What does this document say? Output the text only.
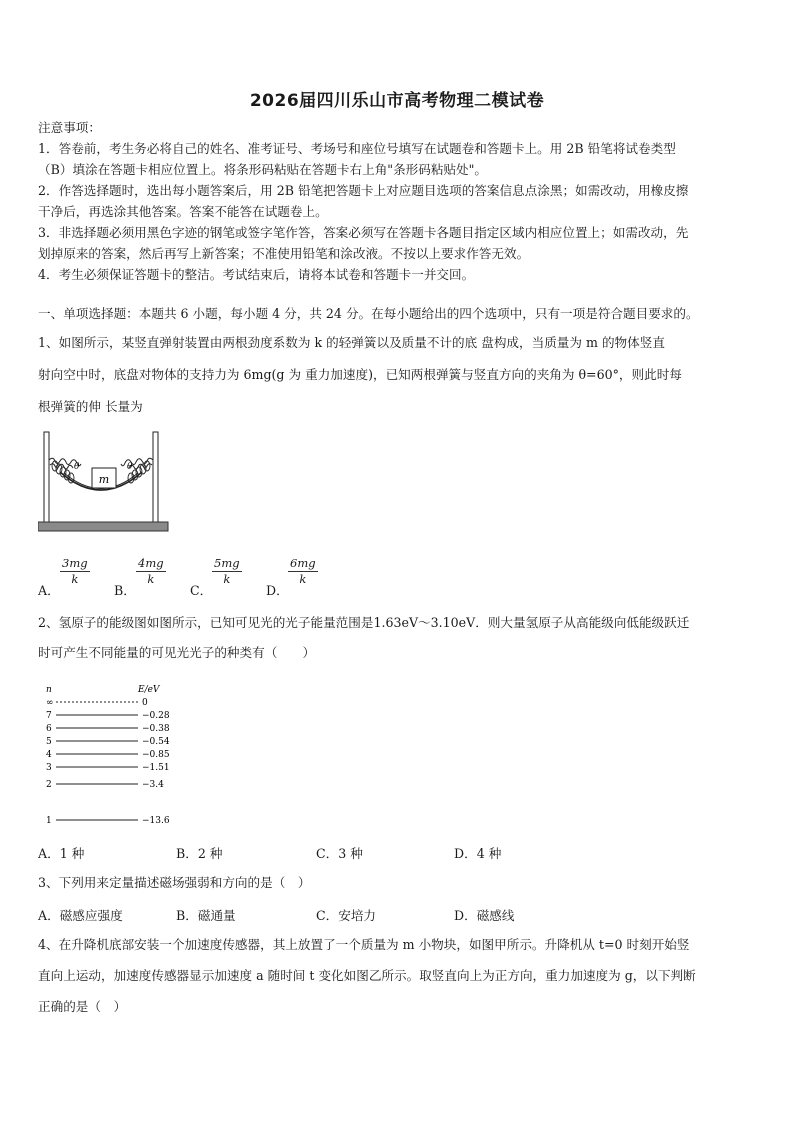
2026届四川乐山市高考物理二模试卷
注意事项：
1．答卷前，考生务必将自己的姓名、准考证号、考场号和座位号填写在试题卷和答题卡上。用 2B 铅笔将试卷类型
（B）填涂在答题卡相应位置上。将条形码粘贴在答题卡右上角"条形码粘贴处"。
2．作答选择题时，选出每小题答案后，用 2B 铅笔把答题卡上对应题目选项的答案信息点涂黑；如需改动，用橡皮擦
干净后，再选涂其他答案。答案不能答在试题卷上。
3．非选择题必须用黑色字迹的钢笔或签字笔作答，答案必须写在答题卡各题目指定区域内相应位置上；如需改动，先
划掉原来的答案，然后再写上新答案；不准使用铅笔和涂改液。不按以上要求作答无效。
4．考生必须保证答题卡的整洁。考试结束后，请将本试卷和答题卡一并交回。
一、单项选择题：本题共 6 小题，每小题 4 分，共 24 分。在每小题给出的四个选项中，只有一项是符合题目要求的。
1、如图所示，某竖直弹射装置由两根劲度系数为 k 的轻弹簧以及质量不计的底 盘构成，当质量为 m 的物体竖直
射向空中时，底盘对物体的支持力为 6mg(g 为 重力加速度)，已知两根弹簧与竖直方向的夹角为 θ=60°，则此时每
根弹簧的伸 长量为
m
θ	θ
A．
$\frac{3mg}{k}$
B．
$\frac{4mg}{k}$
C．
$\frac{5mg}{k}$
D．
$\frac{6mg}{k}$
2、氢原子的能级图如图所示，已知可见光的光子能量范围是1.63eV～3.10eV．则大量氢原子从高能级向低能级跃迁
时可产生不同能量的可见光光子的种类有（　　）
n	E/eV
∞	0
7	−0.28
6	−0.38
5	−0.54
4	−0.85
3	−1.51
2	−3.4
1	−13.6
A．1 种	B．2 种	C．3 种	D．4 种
3、下列用来定量描述磁场强弱和方向的是（　）
A．磁感应强度	B．磁通量	C．安培力	D．磁感线
4、在升降机底部安装一个加速度传感器，其上放置了一个质量为 m 小物块，如图甲所示。升降机从 t=0 时刻开始竖
直向上运动，加速度传感器显示加速度 a 随时间 t 变化如图乙所示。取竖直向上为正方向，重力加速度为 g，以下判断
正确的是（　）
